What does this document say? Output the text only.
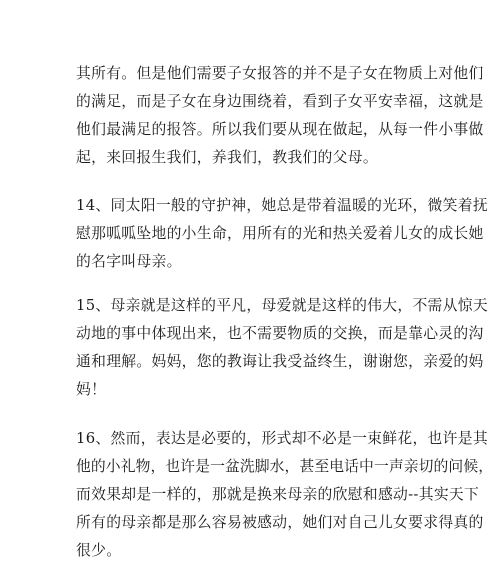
其所有。但是他们需要子女报答的并不是子女在物质上对他们
的满足，而是子女在身边围绕着，看到子女平安幸福，这就是
他们最满足的报答。所以我们要从现在做起，从每一件小事做
起，来回报生我们，养我们，教我们的父母。

14、同太阳一般的守护神，她总是带着温暖的光环，微笑着抚
慰那呱呱坠地的小生命，用所有的光和热关爱着儿女的成长她
的名字叫母亲。

15、母亲就是这样的平凡，母爱就是这样的伟大，不需从惊天
动地的事中体现出来，也不需要物质的交换，而是靠心灵的沟
通和理解。妈妈，您的教诲让我受益终生，谢谢您，亲爱的妈
妈！

16、然而，表达是必要的，形式却不必是一束鲜花，也许是其
他的小礼物，也许是一盆洗脚水，甚至电话中一声亲切的问候，
而效果却是一样的，那就是换来母亲的欣慰和感动--其实天下
所有的母亲都是那么容易被感动，她们对自己儿女要求得真的
很少。
